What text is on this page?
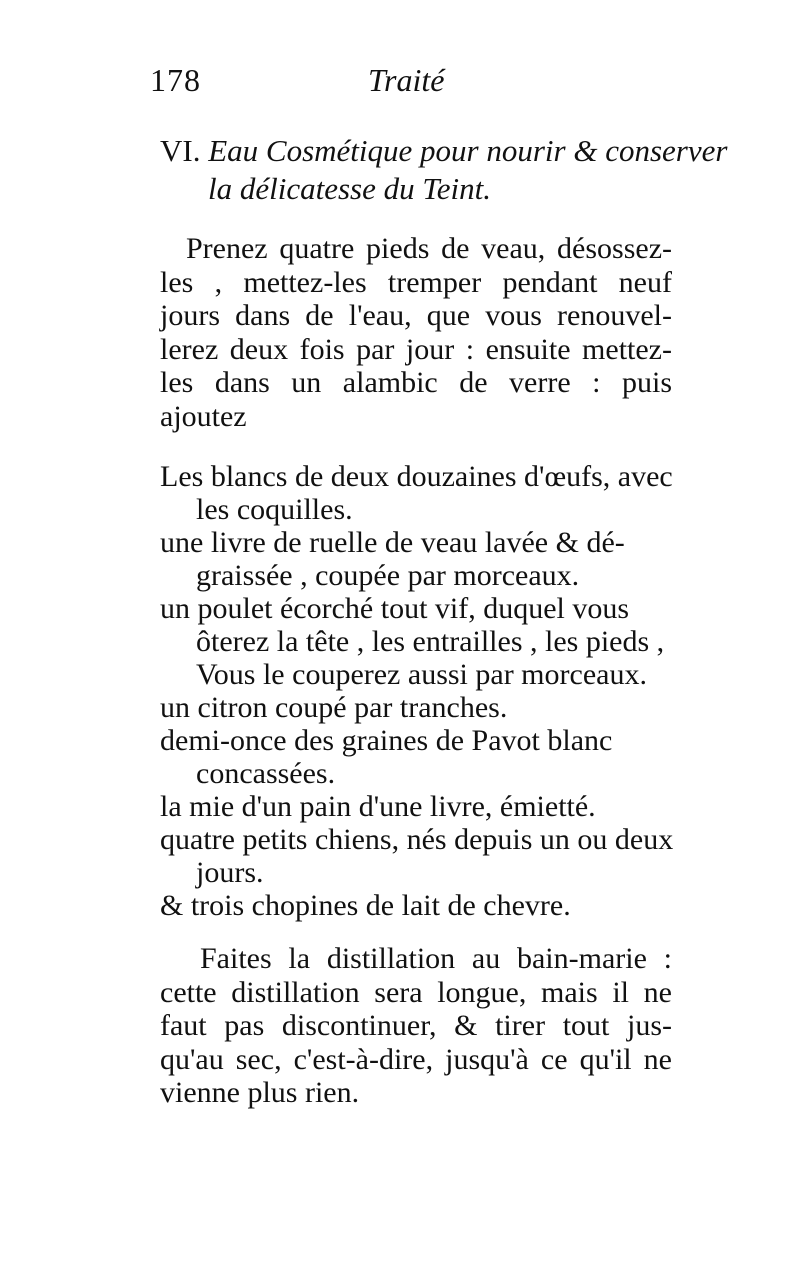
178	Traité
VI. Eau Cosmétique pour nourir & conserver
la délicatesse du Teint.
Prenez quatre pieds de veau, désossez-
les , mettez-les tremper pendant neuf
jours dans de l'eau, que vous renouvel-
lerez deux fois par jour : ensuite mettez-
les dans un alambic de verre : puis
ajoutez
Les blancs de deux douzaines d'œufs, avec
les coquilles.
une livre de ruelle de veau lavée & dé-
graissée , coupée par morceaux.
un poulet écorché tout vif, duquel vous
ôterez la tête , les entrailles , les pieds ,
Vous le couperez aussi par morceaux.
un citron coupé par tranches.
demi-once des graines de Pavot blanc
concassées.
la mie d'un pain d'une livre, émietté.
quatre petits chiens, nés depuis un ou deux
jours.
& trois chopines de lait de chevre.
Faites la distillation au bain-marie :
cette distillation sera longue, mais il ne
faut pas discontinuer, & tirer tout jus-
qu'au sec, c'est-à-dire, jusqu'à ce qu'il ne
vienne plus rien.
